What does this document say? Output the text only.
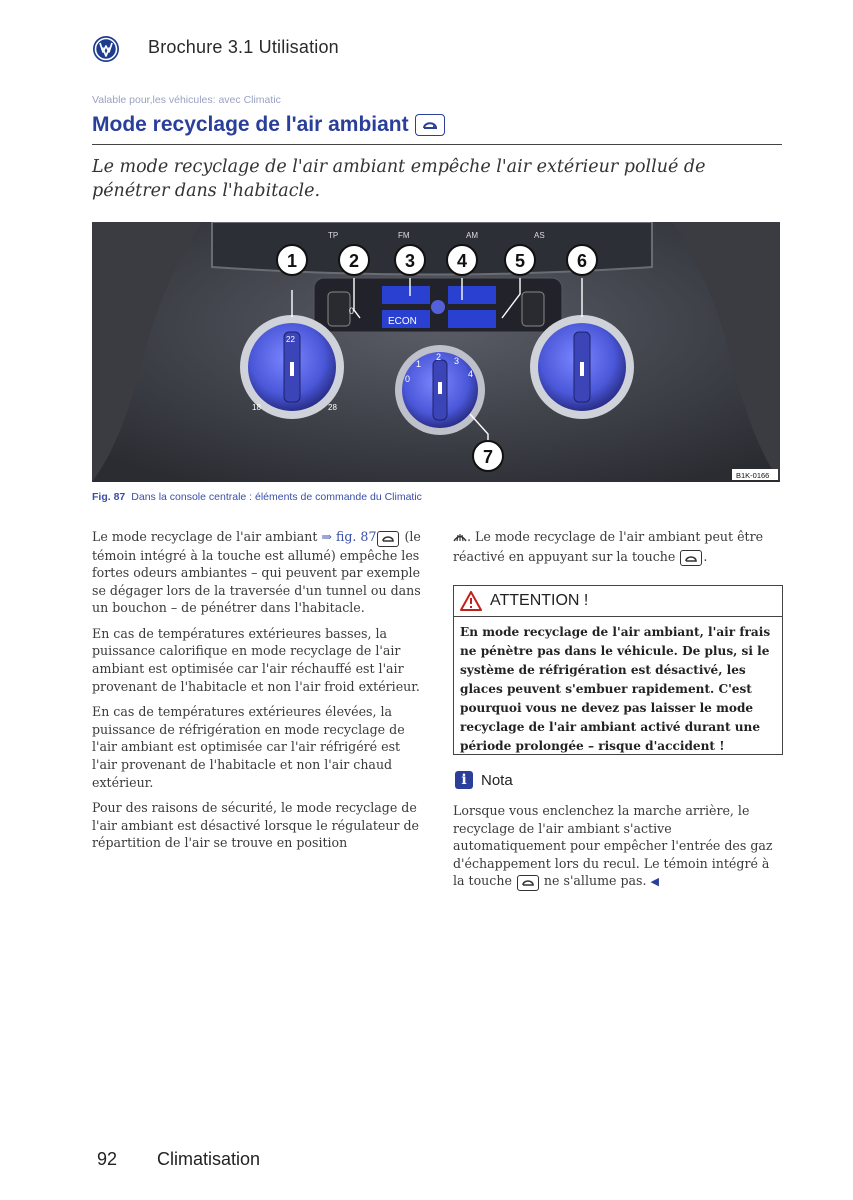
Brochure 3.1 Utilisation
Valable pour,les véhicules: avec Climatic
Mode recyclage de l'air ambiant
Le mode recyclage de l'air ambiant empêche l'air extérieur pollué de pénétrer dans l'habitacle.
TP	FM	AM	AS
ECON
0
18	28
22
0
1
2 3
4
1	2	3 4	5	6
7
B1K-0166
Fig. 87 Dans la console centrale : éléments de commande du Climatic

Le mode recyclage de l'air ambiant ⇒ fig. 87
(le témoin intégré à la touche est allumé) empêche les fortes odeurs ambiantes – qui peuvent par exemple se dégager lors de la traversée d'un tunnel ou dans un bouchon – de pénétrer dans l'habitacle.

En cas de températures extérieures basses, la puissance calorifique en mode recyclage de l'air ambiant est optimisée car l'air réchauffé est l'air provenant de l'habitacle et non l'air froid extérieur.

En cas de températures extérieures élevées, la puissance de réfrigération en mode recyclage de l'air ambiant est optimisée car l'air réfrigéré est l'air provenant de l'habitacle et non l'air chaud extérieur.

Pour des raisons de sécurité, le mode recyclage de l'air ambiant est désactivé lorsque le régulateur de répartition de l'air se trouve en position

. Le mode recyclage de l'air ambiant peut être réactivé en appuyant sur la touche
.

ATTENTION !
En mode recyclage de l'air ambiant, l'air frais ne pénètre pas dans le véhicule. De plus, si le système de réfrigération est désactivé, les glaces peuvent s'embuer rapidement. C'est pourquoi vous ne devez pas laisser le mode recyclage de l'air ambiant activé durant une période prolongée – risque d'accident !
i Nota

Lorsque vous enclenchez la marche arrière, le recyclage de l'air ambiant s'active automatiquement pour empêcher l'entrée des gaz d'échappement lors du recul. Le témoin intégré à la touche
ne s'allume pas. ◀

92 Climatisation
